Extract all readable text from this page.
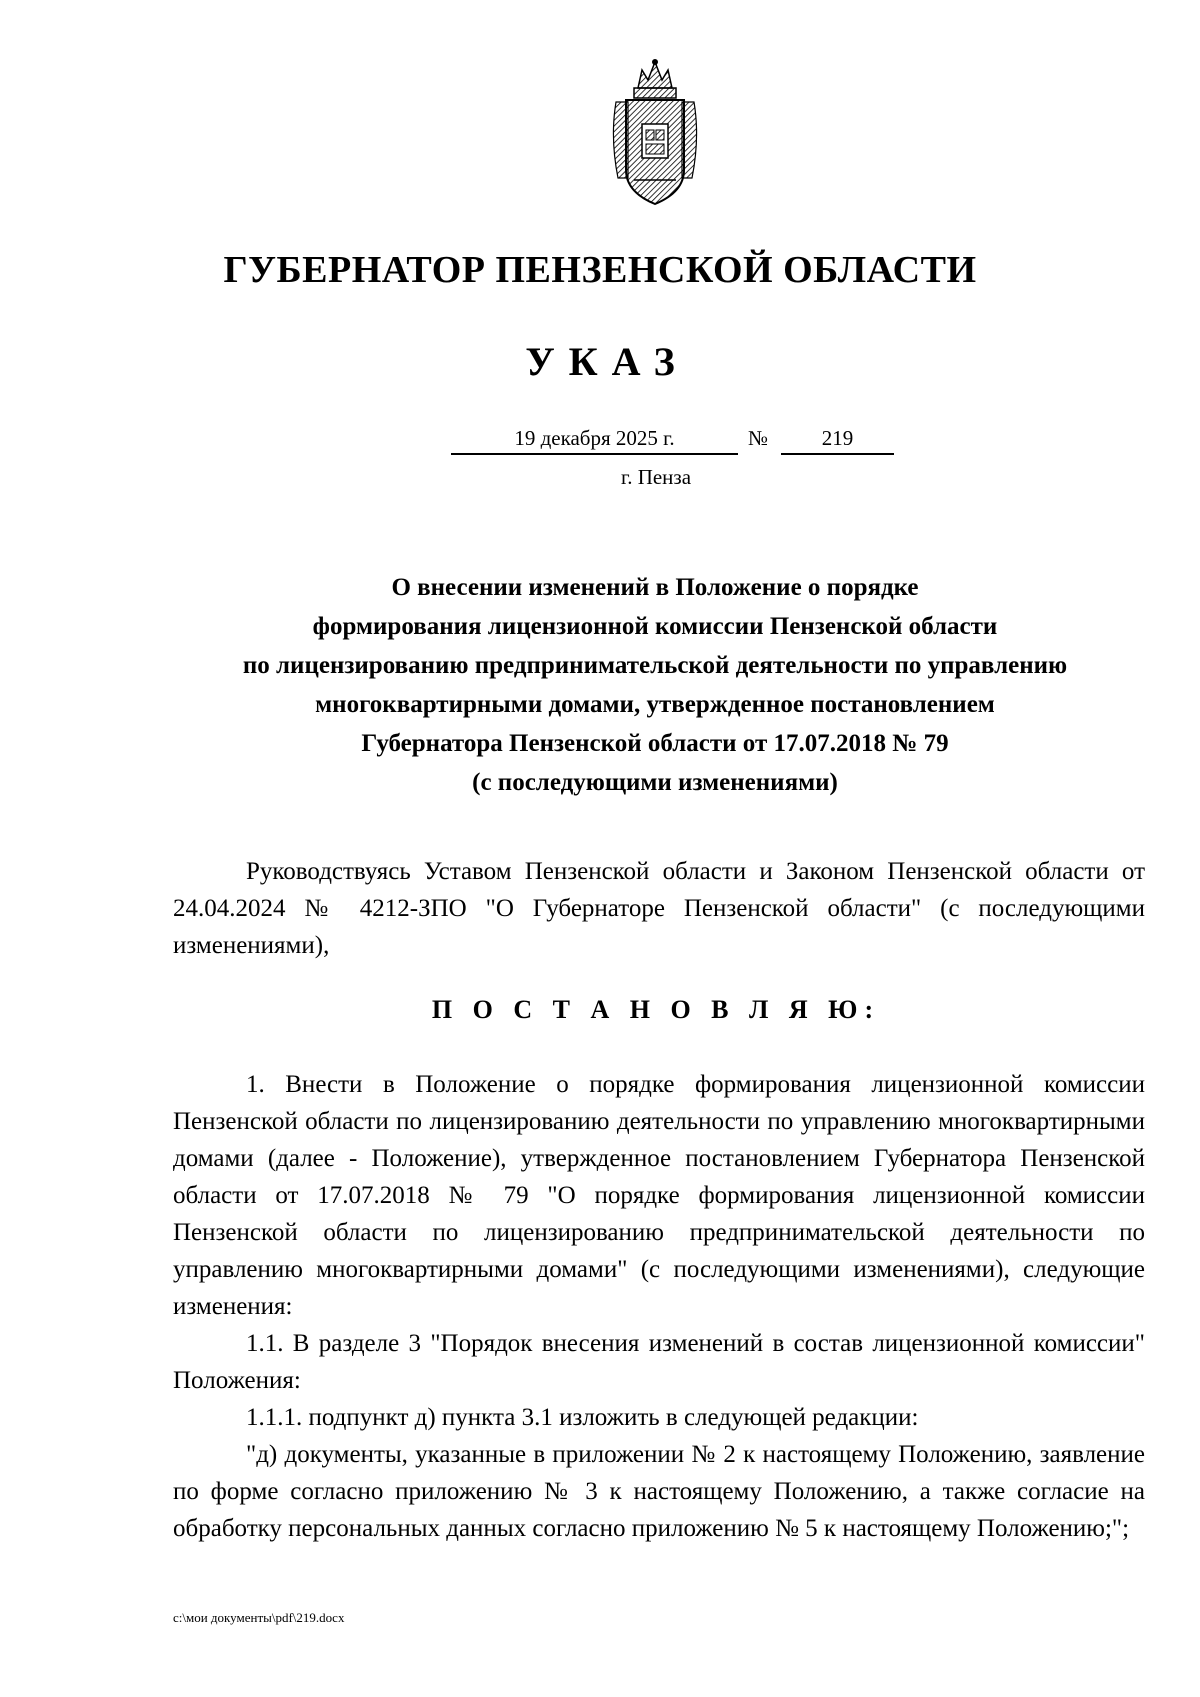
ГУБЕРНАТОР ПЕНЗЕНСКОЙ ОБЛАСТИ
УКАЗ
19 декабря 2025 г.	№	219
г. Пенза
О внесении изменений в Положение о порядке
формирования лицензионной комиссии Пензенской области
по лицензированию предпринимательской деятельности по управлению
многоквартирными домами, утвержденное постановлением
Губернатора Пензенской области от 17.07.2018 № 79
(с последующими изменениями)

Руководствуясь Уставом Пензенской области и Законом Пензенской области от 24.04.2024 № 4212-ЗПО "О Губернаторе Пензенской области" (с последующими изменениями),

П О С Т А Н О В Л Я Ю:

1. Внести в Положение о порядке формирования лицензионной комиссии Пензенской области по лицензированию деятельности по управлению многоквартирными домами (далее - Положение), утвержденное постановлением Губернатора Пензенской области от 17.07.2018 № 79 "О порядке формирования лицензионной комиссии Пензенской области по лицензированию предпринимательской деятельности по управлению многоквартирными домами" (с последующими изменениями), следующие изменения:

1.1. В разделе 3 "Порядок внесения изменений в состав лицензионной комиссии" Положения:

1.1.1. подпункт д) пункта 3.1 изложить в следующей редакции:

"д) документы, указанные в приложении № 2 к настоящему Положению, заявление по форме согласно приложению № 3 к настоящему Положению, а также согласие на обработку персональных данных согласно приложению № 5 к настоящему Положению;";

c:\мои документы\pdf\219.docx
